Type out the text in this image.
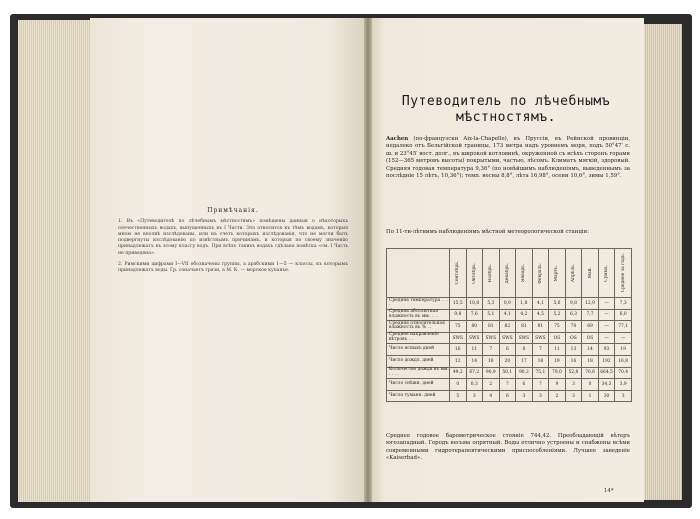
Примѣчанія.

1. Въ «Путеводителѣ по лѣчебнымъ мѣстностямъ» помѣщены данныя о нѣкоторыхъ отечественныхъ водахъ, выпущенныхъ въ I Части. Это относится къ тѣмъ водамъ, которыя мною не вполнѣ изслѣдованы, или на счетъ которыхъ изслѣдованія, что не могли быть подвергнуты изслѣдованію по извѣстнымъ причинамъ, и которыя по своему значенію принадлежатъ къ этому классу водъ. При всѣхъ такихъ водахъ сдѣлана помѣтка «см. I Часть не приведена».

2. Римскими цифрами I—VII обозначены группы, а арабскими 1—5 — классы, къ которымъ принадлежатъ воды. Гр. означаетъ грязи, а М. К. — морское купанье.

Путеводитель по лѣчебнымъ
мѣстностямъ.
Aachen (по-французски Aix-la-Chapelle), въ Пруссіи, въ Рейнской провинціи, недалеко отъ Бельгійской границы, 173 метра надъ уровнемъ моря, подъ 50°47′ с. ш. и 23°45′ вост. долг., въ широкой котловинѣ, окруженной съ всѣхъ сторонъ горами (152—365 метровъ высоты) покрытыми, частью, лѣсомъ. Климатъ мягкій, здоровый. Средняя годовая температура 9,36° (по новѣйшимъ наблюденіямъ, выведеннымъ за послѣдніе 15 лѣтъ, 10,36°); темп. весны 8,8°, лѣта 16,98°, осени 10,6°, зимы 1,59°.
По 11-ти-лѣтнимъ наблюденіямъ мѣстной метеорологической станціи:

	Сентябрь.	Октябрь.	Ноябрь.	Декабрь.	Январь.	Февраль.	Мартъ.	Апрѣль.	Май.	Сумма.	Среднее за годъ.

Средняя температура . . . .	15,5	10,8	5,3	0,9	1,8	4,1	5,6	9,8	12,9	—	7,3
Средняя абсолютная влажность въ мм. . . .	9,8	7,6	5,1	4,1	4,2	4,5	5,2	6,3	7,7	—	6,0
Средняя относительная влажность въ % . .	75	80	81	82	81	81	75	70	69	—	77,1
Среднее направленіе вѣтровъ . .	SWS	SWS	SWS	SWS	SWS	SWS	OS	OS	OS	—	—
Число ясныхъ дней	16	11	7	6	8	7	11	13	14	93	19
Число дождл. дней	12	14	18	20	17	18	19	16	18	192	16,8
Количество дождя въ мм. . . . .	49,2	67,2	90,9	50,1	90,2	75,1	79,0	52,8	70,6	664,5	70,4
Число снѣжн. дней	0	0,3	2	7	6	7	9	3	0	34,3	3,9
Число туманн. дней	5	3	4	6	3	3	2	3	1	30	3
Среднее годовое барометрическое стояніе 744,42. Преобладающій вѣтеръ югозападный. Городъ весьма опрятный. Воды отлично устроены и снабжены всѣми современными гидротерапевтическими приспособленіями. Лучшее заведеніе «Kaiserbad».
14*
